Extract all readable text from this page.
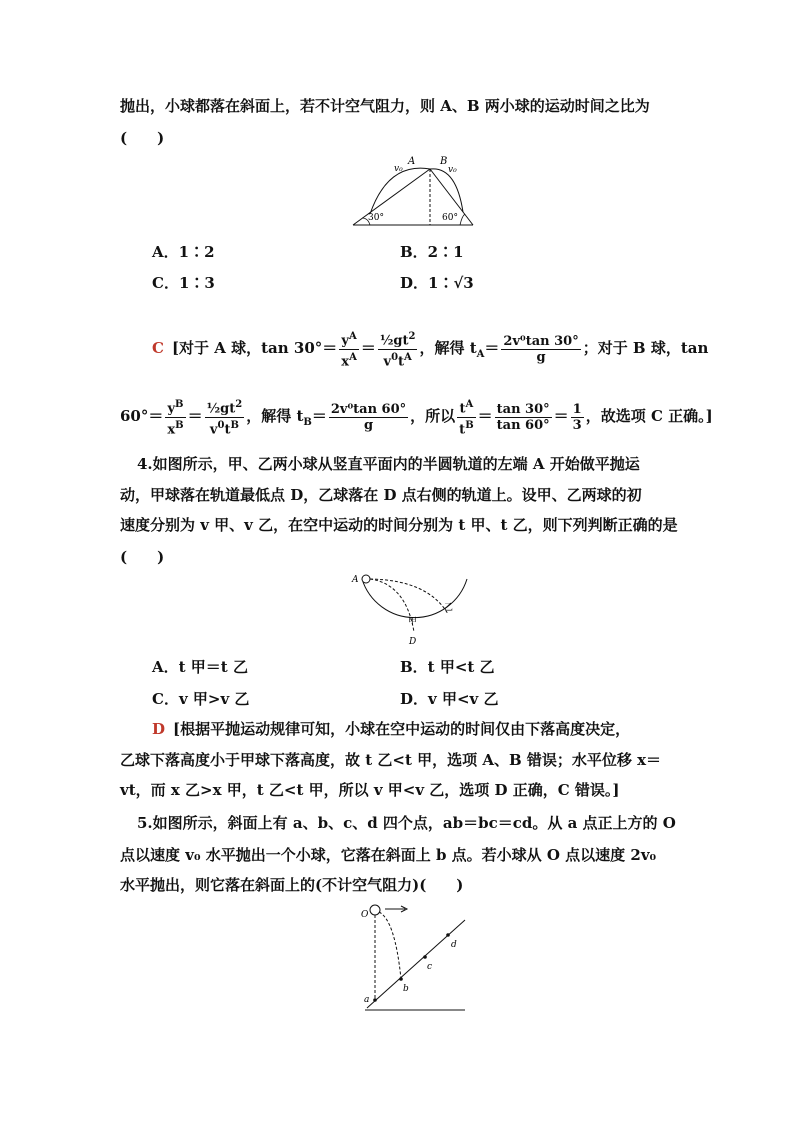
抛出，小球都落在斜面上，若不计空气阻力，则 A、B 两小球的运动时间之比为
(　　)
v₀
A B
v₀
30°	60°
A．1∶2	B．2∶1
C．1∶3	D．1∶√3
C [对于 A 球，$\tan 30^\circ= \frac{y^A}{x^A} = \frac{\frac{1}{2}gt^2}{v^0t^A}$ ，解得 $t_A= \frac{\text{2v⁰tan 30°}}{g}$ ；对于 B 球，tan
$60^\circ= \frac{y^B}{x^B} = \frac{\frac{1}{2}gt^2}{v^0t^B}$ ，解得 $t_B= \frac{\text{2v⁰tan 60°}}{g}$ ，所以 $\frac{t^A}{t^B} = \frac{\tan 30^\circ}{\tan 60^\circ} = \frac{1}{3}$ ，故选项 C 正确。]
4.如图所示，甲、乙两小球从竖直平面内的半圆轨道的左端 A 开始做平抛运
动，甲球落在轨道最低点 D，乙球落在 D 点右侧的轨道上。设甲、乙两球的初
速度分别为 v 甲、v 乙，在空中运动的时间分别为 t 甲、t 乙，则下列判断正确的是
(　　)
A
甲
乙
D
A．t 甲＝t 乙	B．t 甲<t 乙
C．v 甲>v 乙	D．v 甲<v 乙
D [根据平抛运动规律可知，小球在空中运动的时间仅由下落高度决定，
乙球下落高度小于甲球下落高度，故 t 乙<t 甲，选项 A、B 错误；水平位移 x＝
vt，而 x 乙>x 甲，t 乙<t 甲，所以 v 甲<v 乙，选项 D 正确，C 错误。]
5.如图所示，斜面上有 a、b、c、d 四个点，ab＝bc＝cd。从 a 点正上方的 O
点以速度 v₀ 水平抛出一个小球，它落在斜面上 b 点。若小球从 O 点以速度 2v₀
水平抛出，则它落在斜面上的(不计空气阻力)(　　)
O
a
b
c
d
